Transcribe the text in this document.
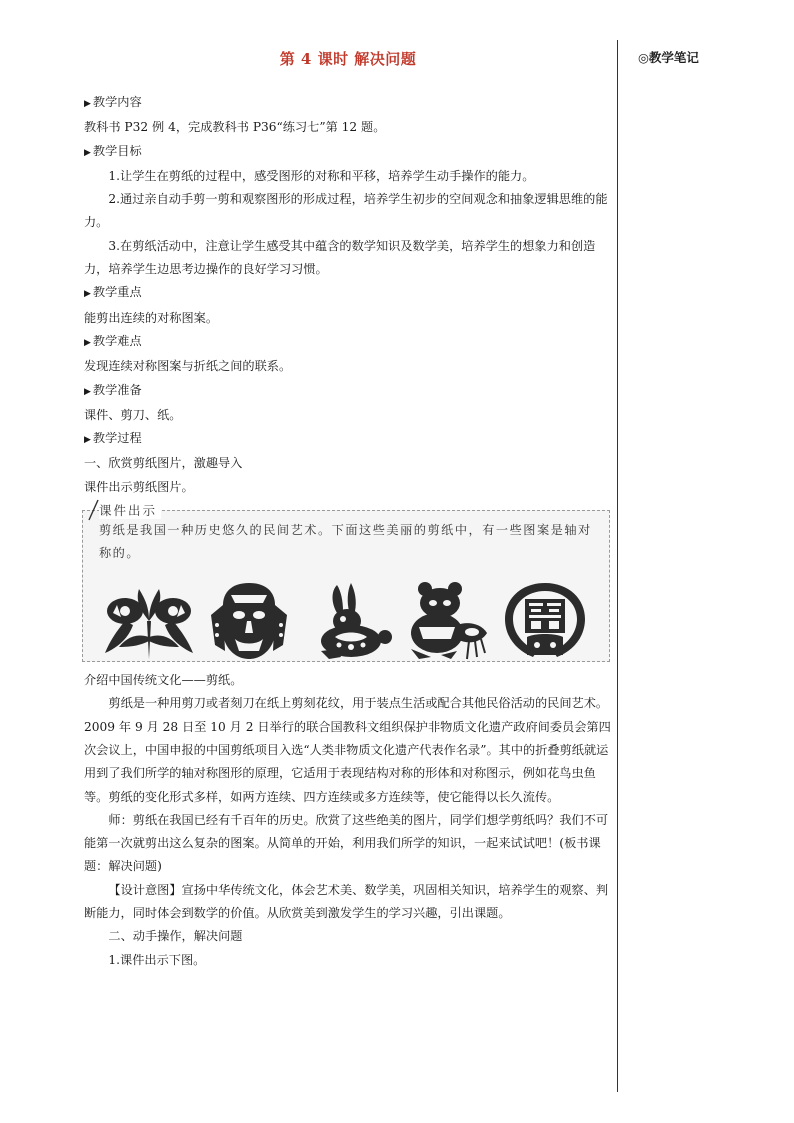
第 4 课时 解决问题

▶ 教学内容

教科书 P32 例 4，完成教科书 P36“练习七”第 12 题。

▶ 教学目标

1.让学生在剪纸的过程中，感受图形的对称和平移，培养学生动手操作的能力。

2.通过亲自动手剪一剪和观察图形的形成过程，培养学生初步的空间观念和抽象逻辑思维的能力。

3.在剪纸活动中，注意让学生感受其中蕴含的数学知识及数学美，培养学生的想象力和创造力，培养学生边思考边操作的良好学习习惯。

▶ 教学重点

能剪出连续的对称图案。

▶ 教学难点

发现连续对称图案与折纸之间的联系。

▶ 教学准备

课件、剪刀、纸。

▶ 教学过程

一、欣赏剪纸图片，激趣导入

课件出示剪纸图片。

课件出示
剪纸是我国一种历史悠久的民间艺术。下面这些美丽的剪纸中，有一些图案是轴对称的。

介绍中国传统文化——剪纸。

剪纸是一种用剪刀或者刻刀在纸上剪刻花纹，用于装点生活或配合其他民俗活动的民间艺术。2009 年 9 月 28 日至 10 月 2 日举行的联合国教科文组织保护非物质文化遗产政府间委员会第四次会议上，中国申报的中国剪纸项目入选“人类非物质文化遗产代表作名录”。其中的折叠剪纸就运用到了我们所学的轴对称图形的原理，它适用于表现结构对称的形体和对称图示，例如花鸟虫鱼等。剪纸的变化形式多样，如两方连续、四方连续或多方连续等，使它能得以长久流传。

师：剪纸在我国已经有千百年的历史。欣赏了这些绝美的图片，同学们想学剪纸吗？我们不可能第一次就剪出这么复杂的图案。从简单的开始，利用我们所学的知识，一起来试试吧！(板书课题：解决问题)

【设计意图】宣扬中华传统文化，体会艺术美、数学美，巩固相关知识，培养学生的观察、判断能力，同时体会到数学的价值。从欣赏美到激发学生的学习兴趣，引出课题。

二、动手操作，解决问题

1.课件出示下图。

◎教学笔记
